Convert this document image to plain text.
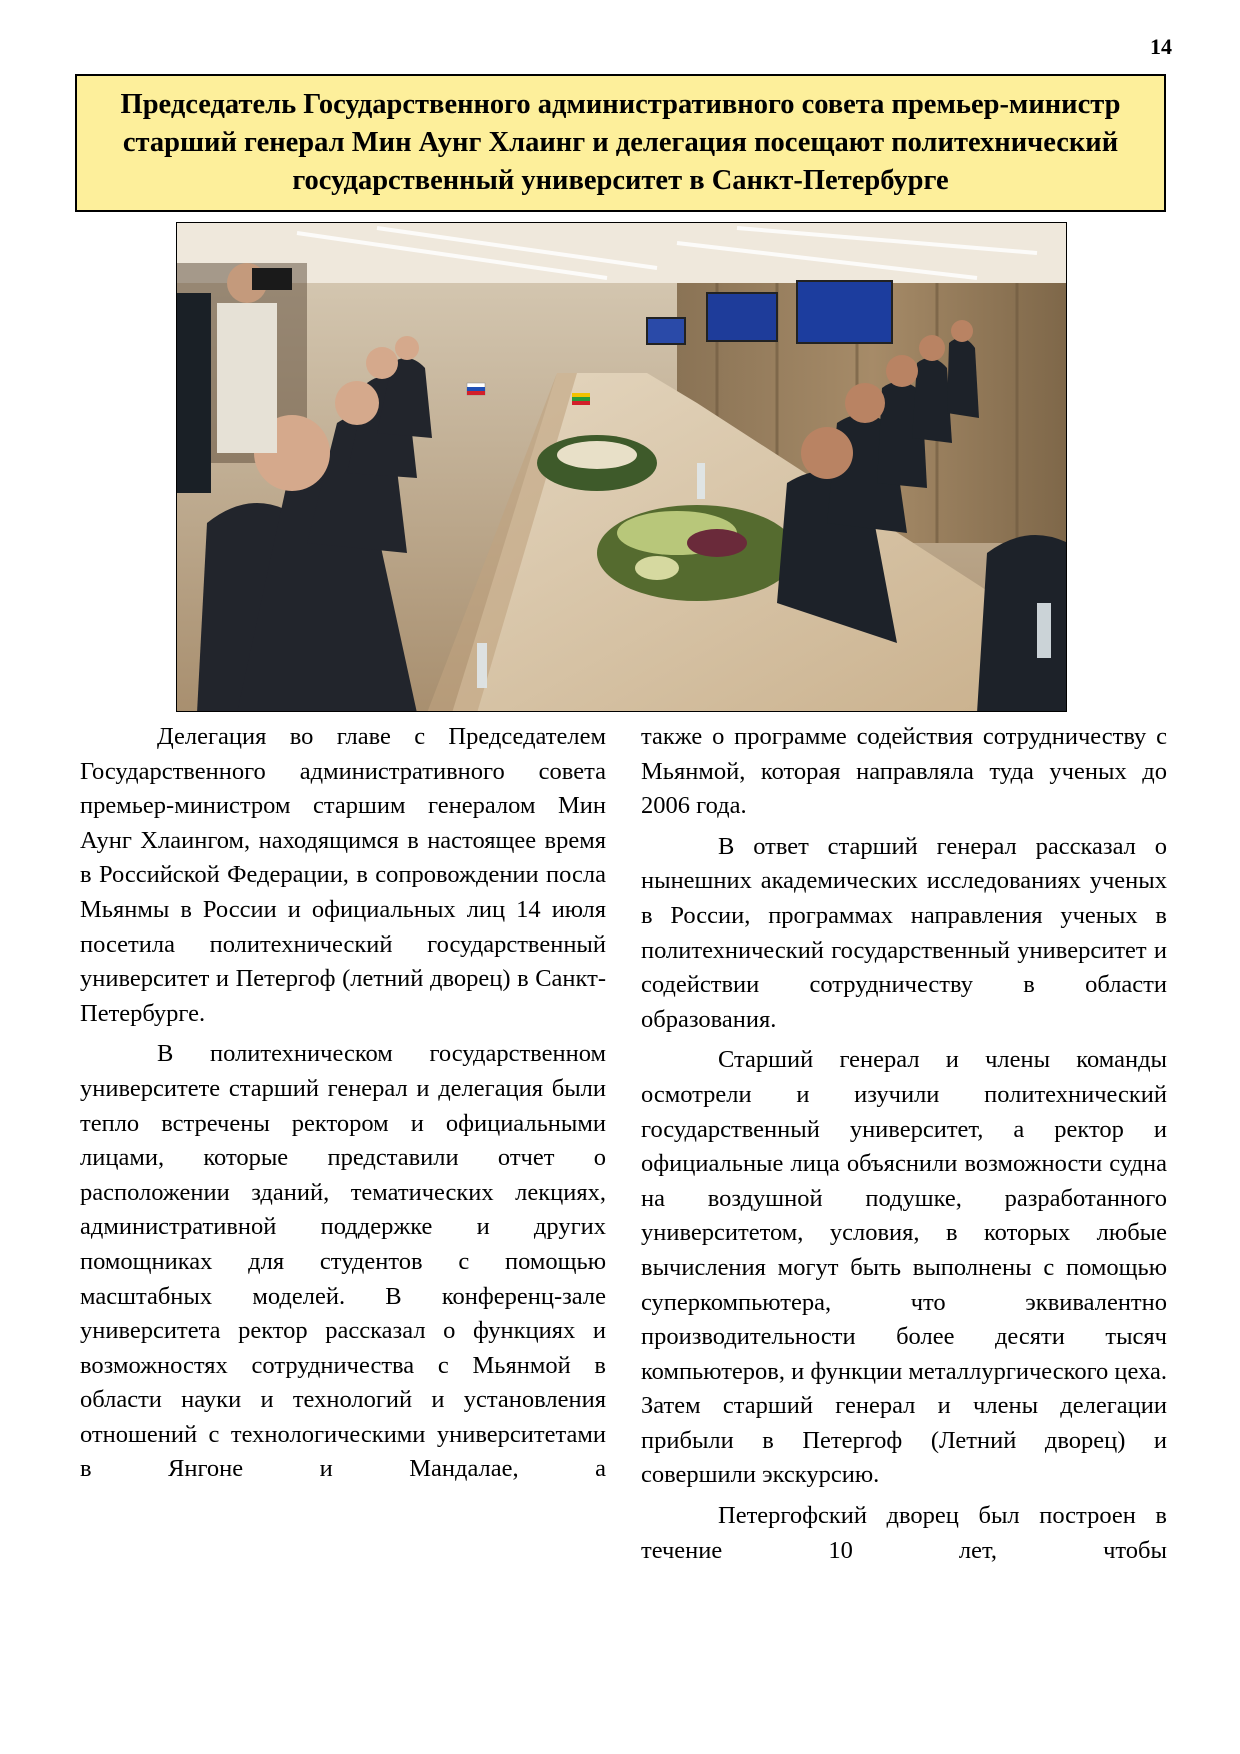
14
Председатель Государственного административного совета премьер-министр старший генерал Мин Аунг Хлаинг и делегация посещают политехнический государственный университет в Санкт-Петербурге

Делегация во главе с Председателем Государственного административного совета премьер-министром старшим генералом Мин Аунг Хлаингом, находящимся в настоящее время в Российской Федерации, в сопровождении посла Мьянмы в России и официальных лиц 14 июля посетила политехнический государственный университет и Петергоф (летний дворец) в Санкт-Петербурге.

В политехническом государственном университете старший генерал и делегация были тепло встречены ректором и официальными лицами, которые представили отчет о расположении зданий, тематических лекциях, административной поддержке и других помощниках для студентов с помощью масштабных моделей. В конференц-зале университета ректор рассказал о функциях и возможностях сотрудничества с Мьянмой в области науки и технологий и установления отношений с технологическими университетами в Янгоне и Мандалае, а

также о программе содействия сотрудничеству с Мьянмой, которая направляла туда ученых до 2006 года.

В ответ старший генерал рассказал о нынешних академических исследованиях ученых в России, программах направления ученых в политехнический государственный университет и содействии сотрудничеству в области образования.

Старший генерал и члены команды осмотрели и изучили политехнический государственный университет, а ректор и официальные лица объяснили возможности судна на воздушной подушке, разработанного университетом, условия, в которых любые вычисления могут быть выполнены с помощью суперкомпьютера, что эквивалентно производительности более десяти тысяч компьютеров, и функции металлургического цеха. Затем старший генерал и члены делегации прибыли в Петергоф (Летний дворец) и совершили экскурсию.

Петергофский дворец был построен в течение 10 лет, чтобы
